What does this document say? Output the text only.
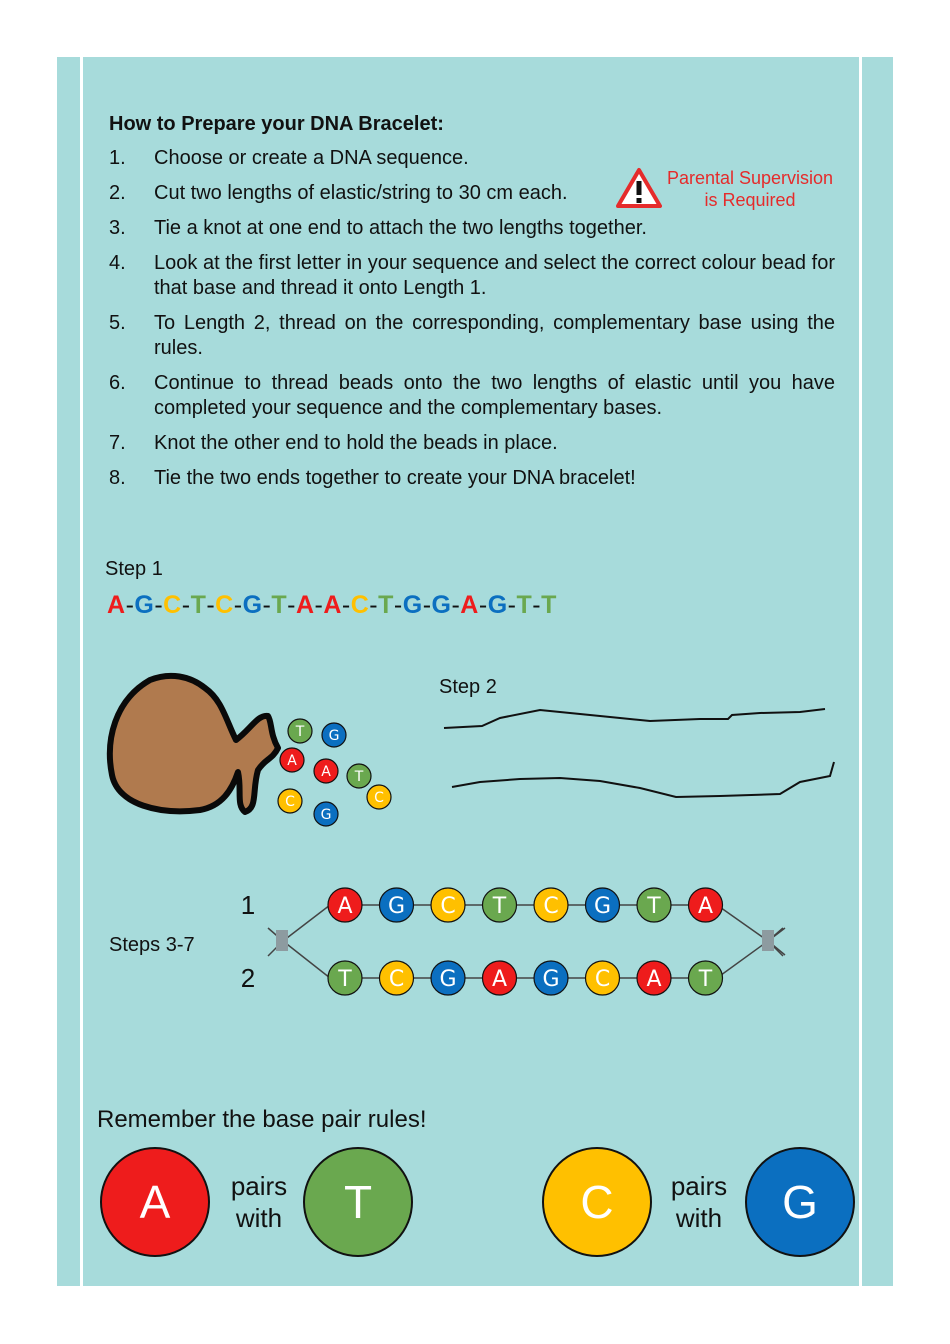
How to Prepare your DNA Bracelet:
1.	Choose or create a DNA sequence.
2.	Cut two lengths of elastic/string to 30 cm each.
3.	Tie a knot at one end to attach the two lengths together.
4.	Look at the first letter in your sequence and select the correct colour bead for that base and thread it onto Length 1.
5.	To Length 2, thread on the corresponding, complementary base using the rules.
6.	Continue to thread beads onto the two lengths of elastic until you have completed your sequence and the complementary bases.
7.	Knot the other end to hold the beads in place.
8.	Tie the two ends together to create your DNA bracelet!
Parental Supervision
is Required
Step 1
A-G-C-T-C-G-T-A-A-C-T-G-G-A-G-T-T
Step 2
Steps 3-7
T G
A
A T
C	C
G
1
2
A G C T C G T A
T C G A G C A T
Remember the base pair rules!
A	pairs
with	T	C	pairs
with	G
